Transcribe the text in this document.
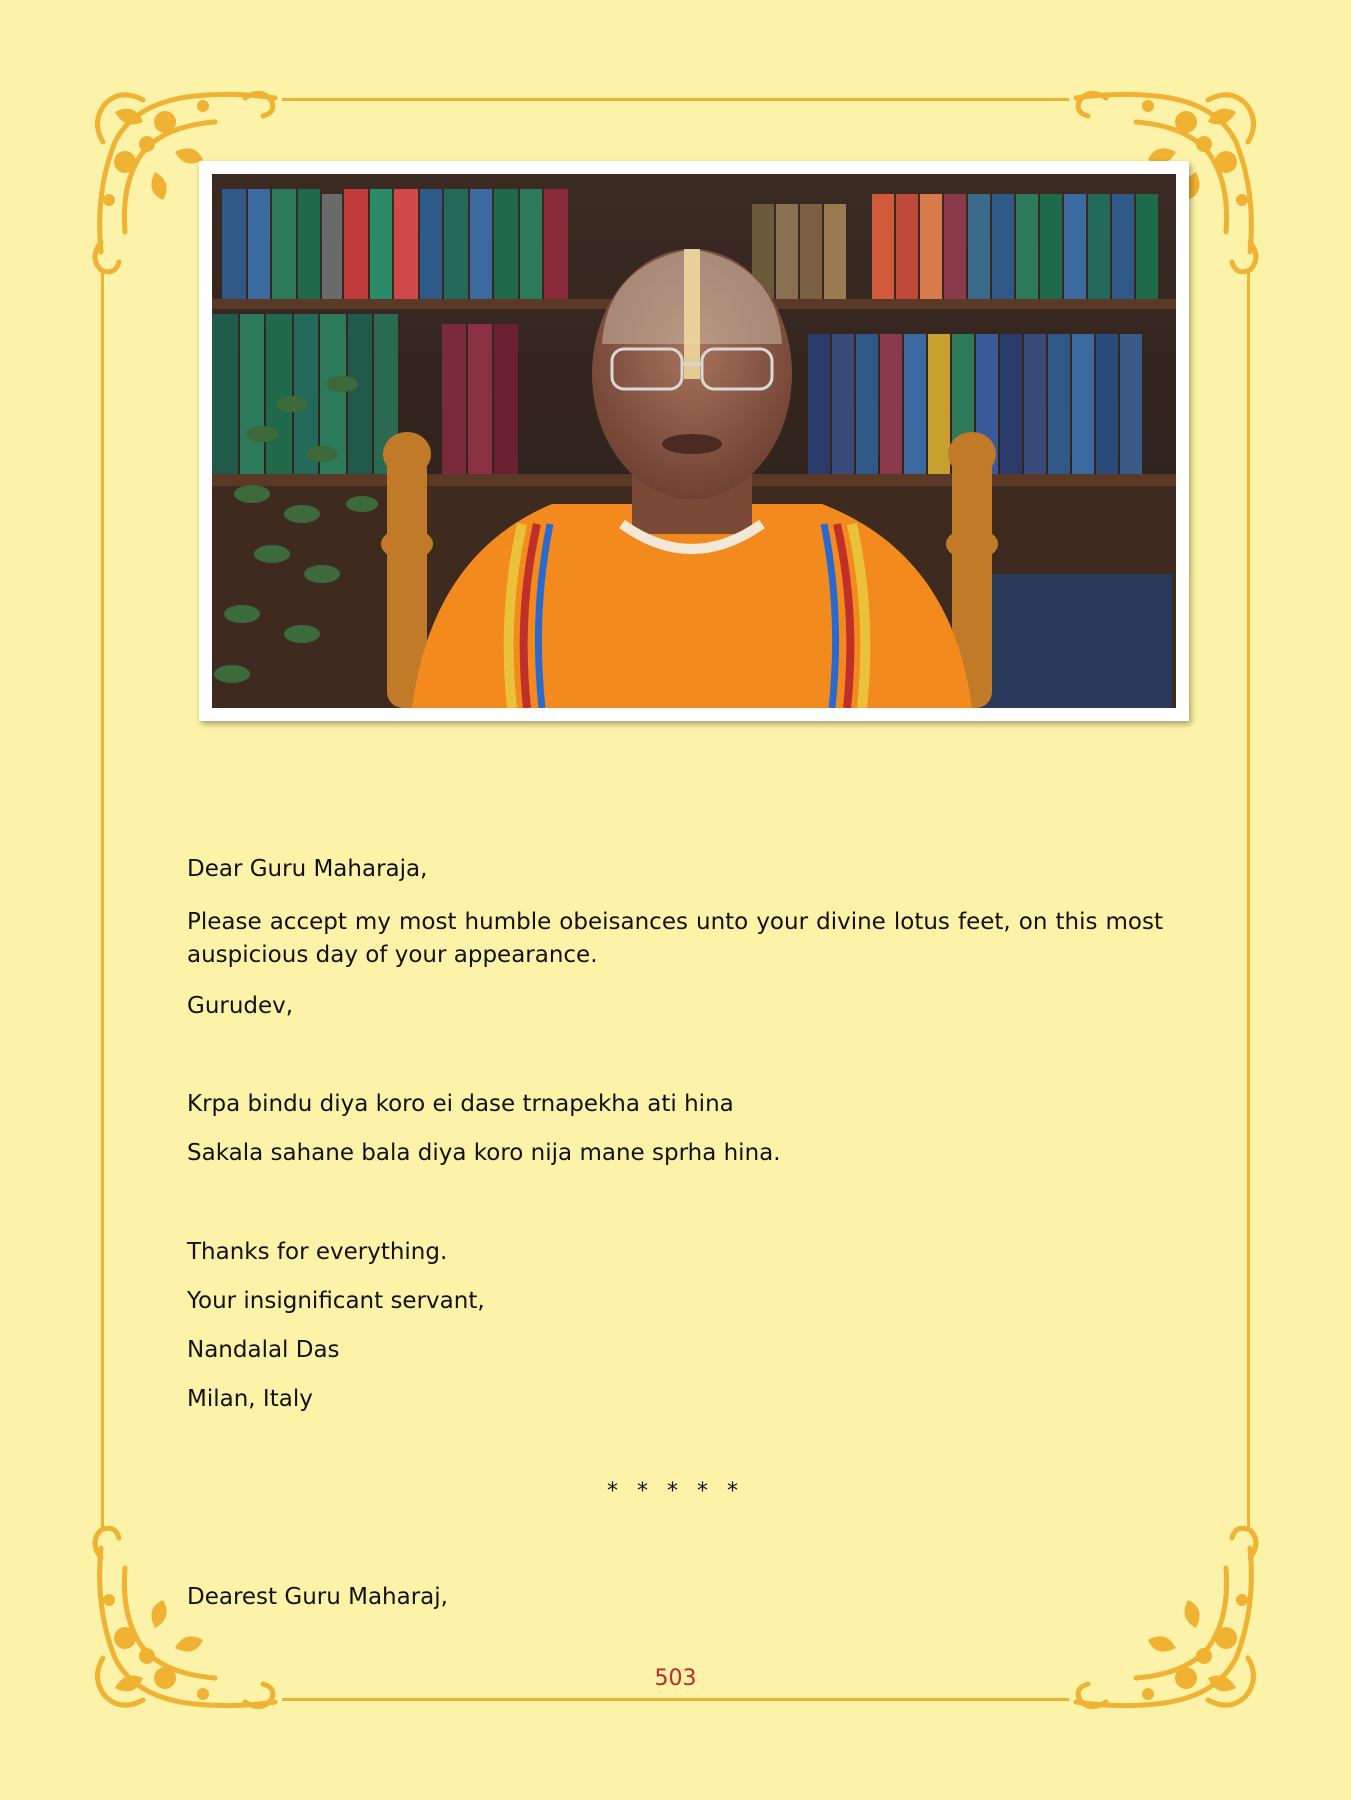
Dear Guru Maharaja,

Please accept my most humble obeisances unto your divine lotus feet, on this most auspicious day of your appearance.

Gurudev,

Krpa bindu diya koro ei dase trnapekha ati hina

Sakala sahane bala diya koro nija mane sprha hina.

Thanks for everything.

Your insignificant servant,

Nandalal Das

Milan, Italy

* * * * *

Dearest Guru Maharaj,

503
